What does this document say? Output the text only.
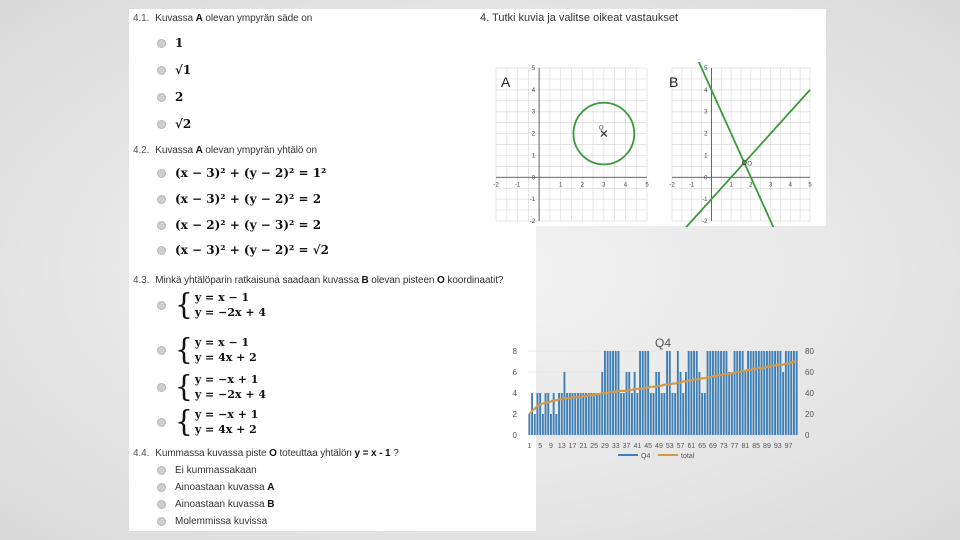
4.1. Kuvassa A olevan ympyrän säde on
1
√1
2
√2
4.2. Kuvassa A olevan ympyrän yhtälö on
(x − 3)² + (y − 2)² = 1²
(x − 3)² + (y − 2)² = 2
(x − 2)² + (y − 3)² = 2
(x − 3)² + (y − 2)² = √2
4.3. Minkä yhtälöparin ratkaisuna saadaan kuvassa B olevan pisteen O koordinaatit?
{ y = x − 1
y = −2x + 4
{ y = x − 1
y = 4x + 2
{ y = −x + 1
y = −2x + 4
{ y = −x + 1
y = 4x + 2
4.4. Kummassa kuvassa piste O toteuttaa yhtälön y = x - 1 ?
Ei kummassakaan
Ainoastaan kuvassa A
Ainoastaan kuvassa B
Molemmissa kuvissa
4. Tutki kuvia ja valitse oikeat vastaukset
-2	-1	1	2	3	4	5
-2
-1
0
1
2
3
4
5
O
-2 -1	1	2	3	4	5
-2
-1
0
1
2
3
4
5
O
A	B
Q4
0
2
4
6
8
0
20
40
60
80
1 5 9 13 17 21 25 29 33 37 41 45 49 53 57 61 65 69 73 77 81 85 89 93 97
Q4	total
